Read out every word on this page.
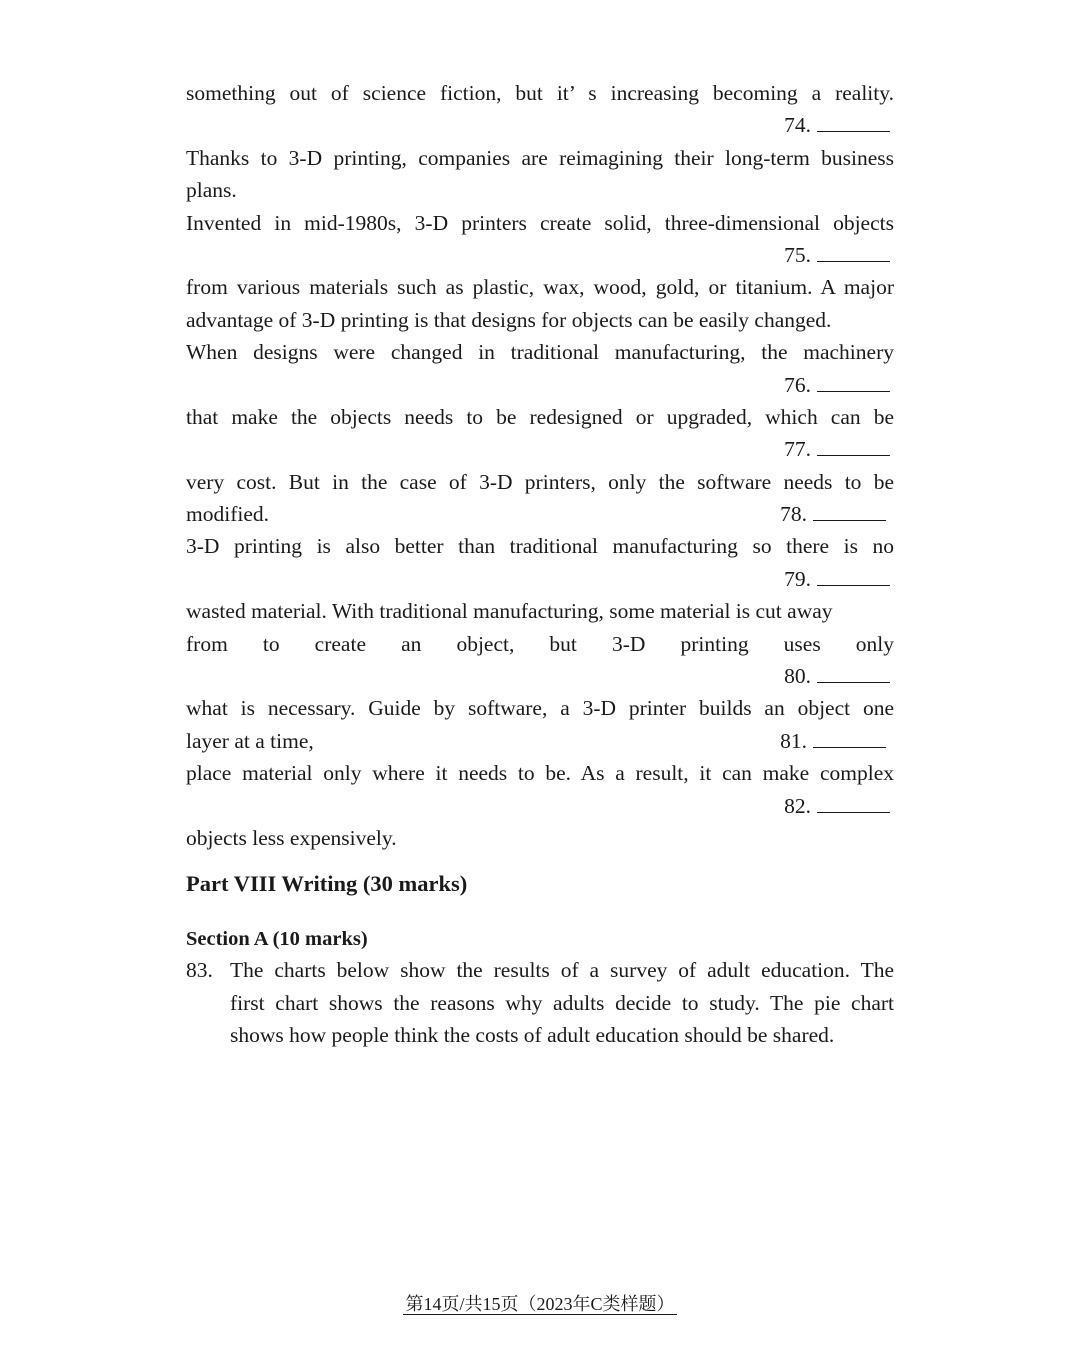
something out of science fiction, but it’ s increasing becoming a reality.
74.
Thanks to 3-D printing, companies are reimagining their long-term business
plans.
Invented in mid-1980s, 3-D printers create solid, three-dimensional objects
75.
from various materials such as plastic, wax, wood, gold, or titanium. A major
advantage of 3-D printing is that designs for objects can be easily changed.
When designs were changed in traditional manufacturing, the machinery
76.
that make the objects needs to be redesigned or upgraded, which can be
77.
very cost. But in the case of 3-D printers, only the software needs to be
modified.	78.
3-D printing is also better than traditional manufacturing so there is no
79.
wasted material. With traditional manufacturing, some material is cut away
from to create an object, but 3-D printing uses only
80.
what is necessary. Guide by software, a 3-D printer builds an object one
layer at a time,	81.
place material only where it needs to be. As a result, it can make complex
82.
objects less expensively.
Part VIII Writing (30 marks)
Section A (10 marks)
83. The charts below show the results of a survey of adult education. The
first chart shows the reasons why adults decide to study. The pie chart
shows how people think the costs of adult education should be shared.
第14页/共15页（2023年C类样题）
